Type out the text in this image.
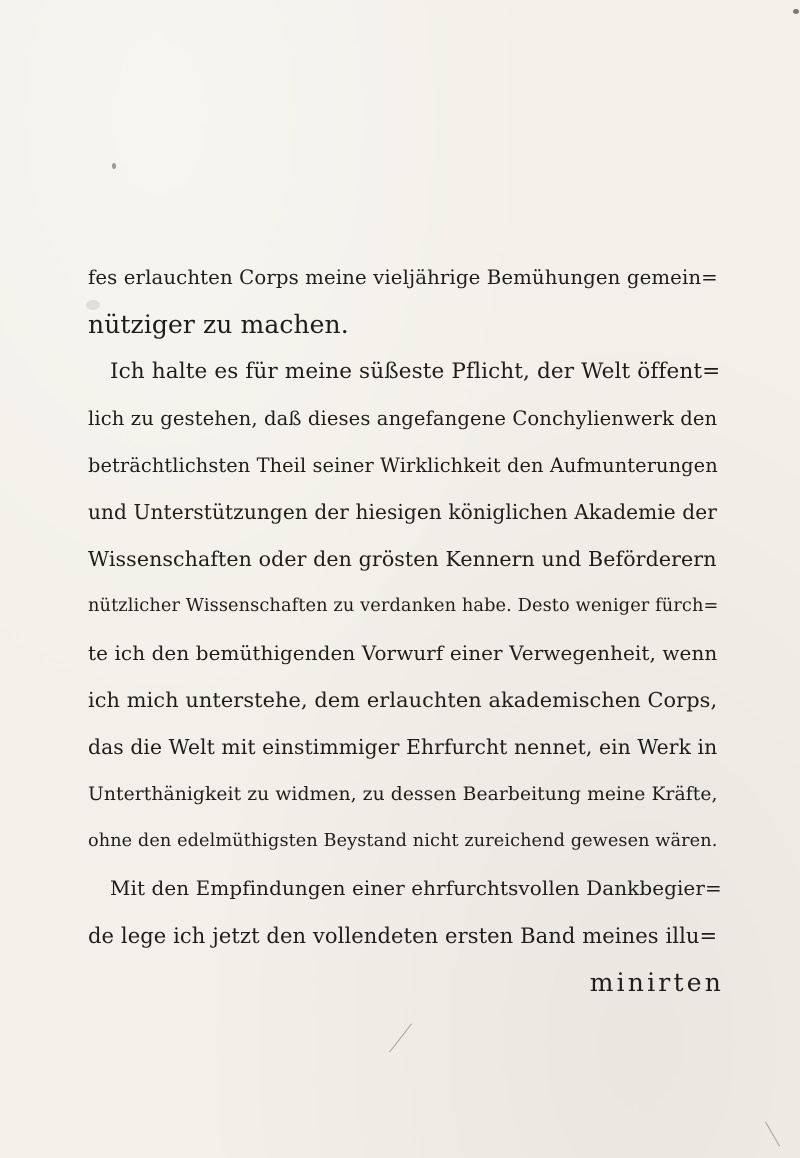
fes erlauchten Corps meine vieljährige Bemühungen gemein=
nütziger zu machen.
Ich halte es für meine süßeste Pflicht, der Welt öffent=
lich zu gestehen, daß dieses angefangene Conchylienwerk den
beträchtlichsten Theil seiner Wirklichkeit den Aufmunterungen
und Unterstützungen der hiesigen königlichen Akademie der
Wissenschaften oder den grösten Kennern und Beförderern
nützlicher Wissenschaften zu verdanken habe. Desto weniger fürch=
te ich den bemüthigenden Vorwurf einer Verwegenheit, wenn
ich mich unterstehe, dem erlauchten akademischen Corps,
das die Welt mit einstimmiger Ehrfurcht nennet, ein Werk in
Unterthänigkeit zu widmen, zu dessen Bearbeitung meine Kräfte,
ohne den edelmüthigsten Beystand nicht zureichend gewesen wären.
Mit den Empfindungen einer ehrfurchtsvollen Dankbegier=
de lege ich jetzt den vollendeten ersten Band meines illu=
minirten
